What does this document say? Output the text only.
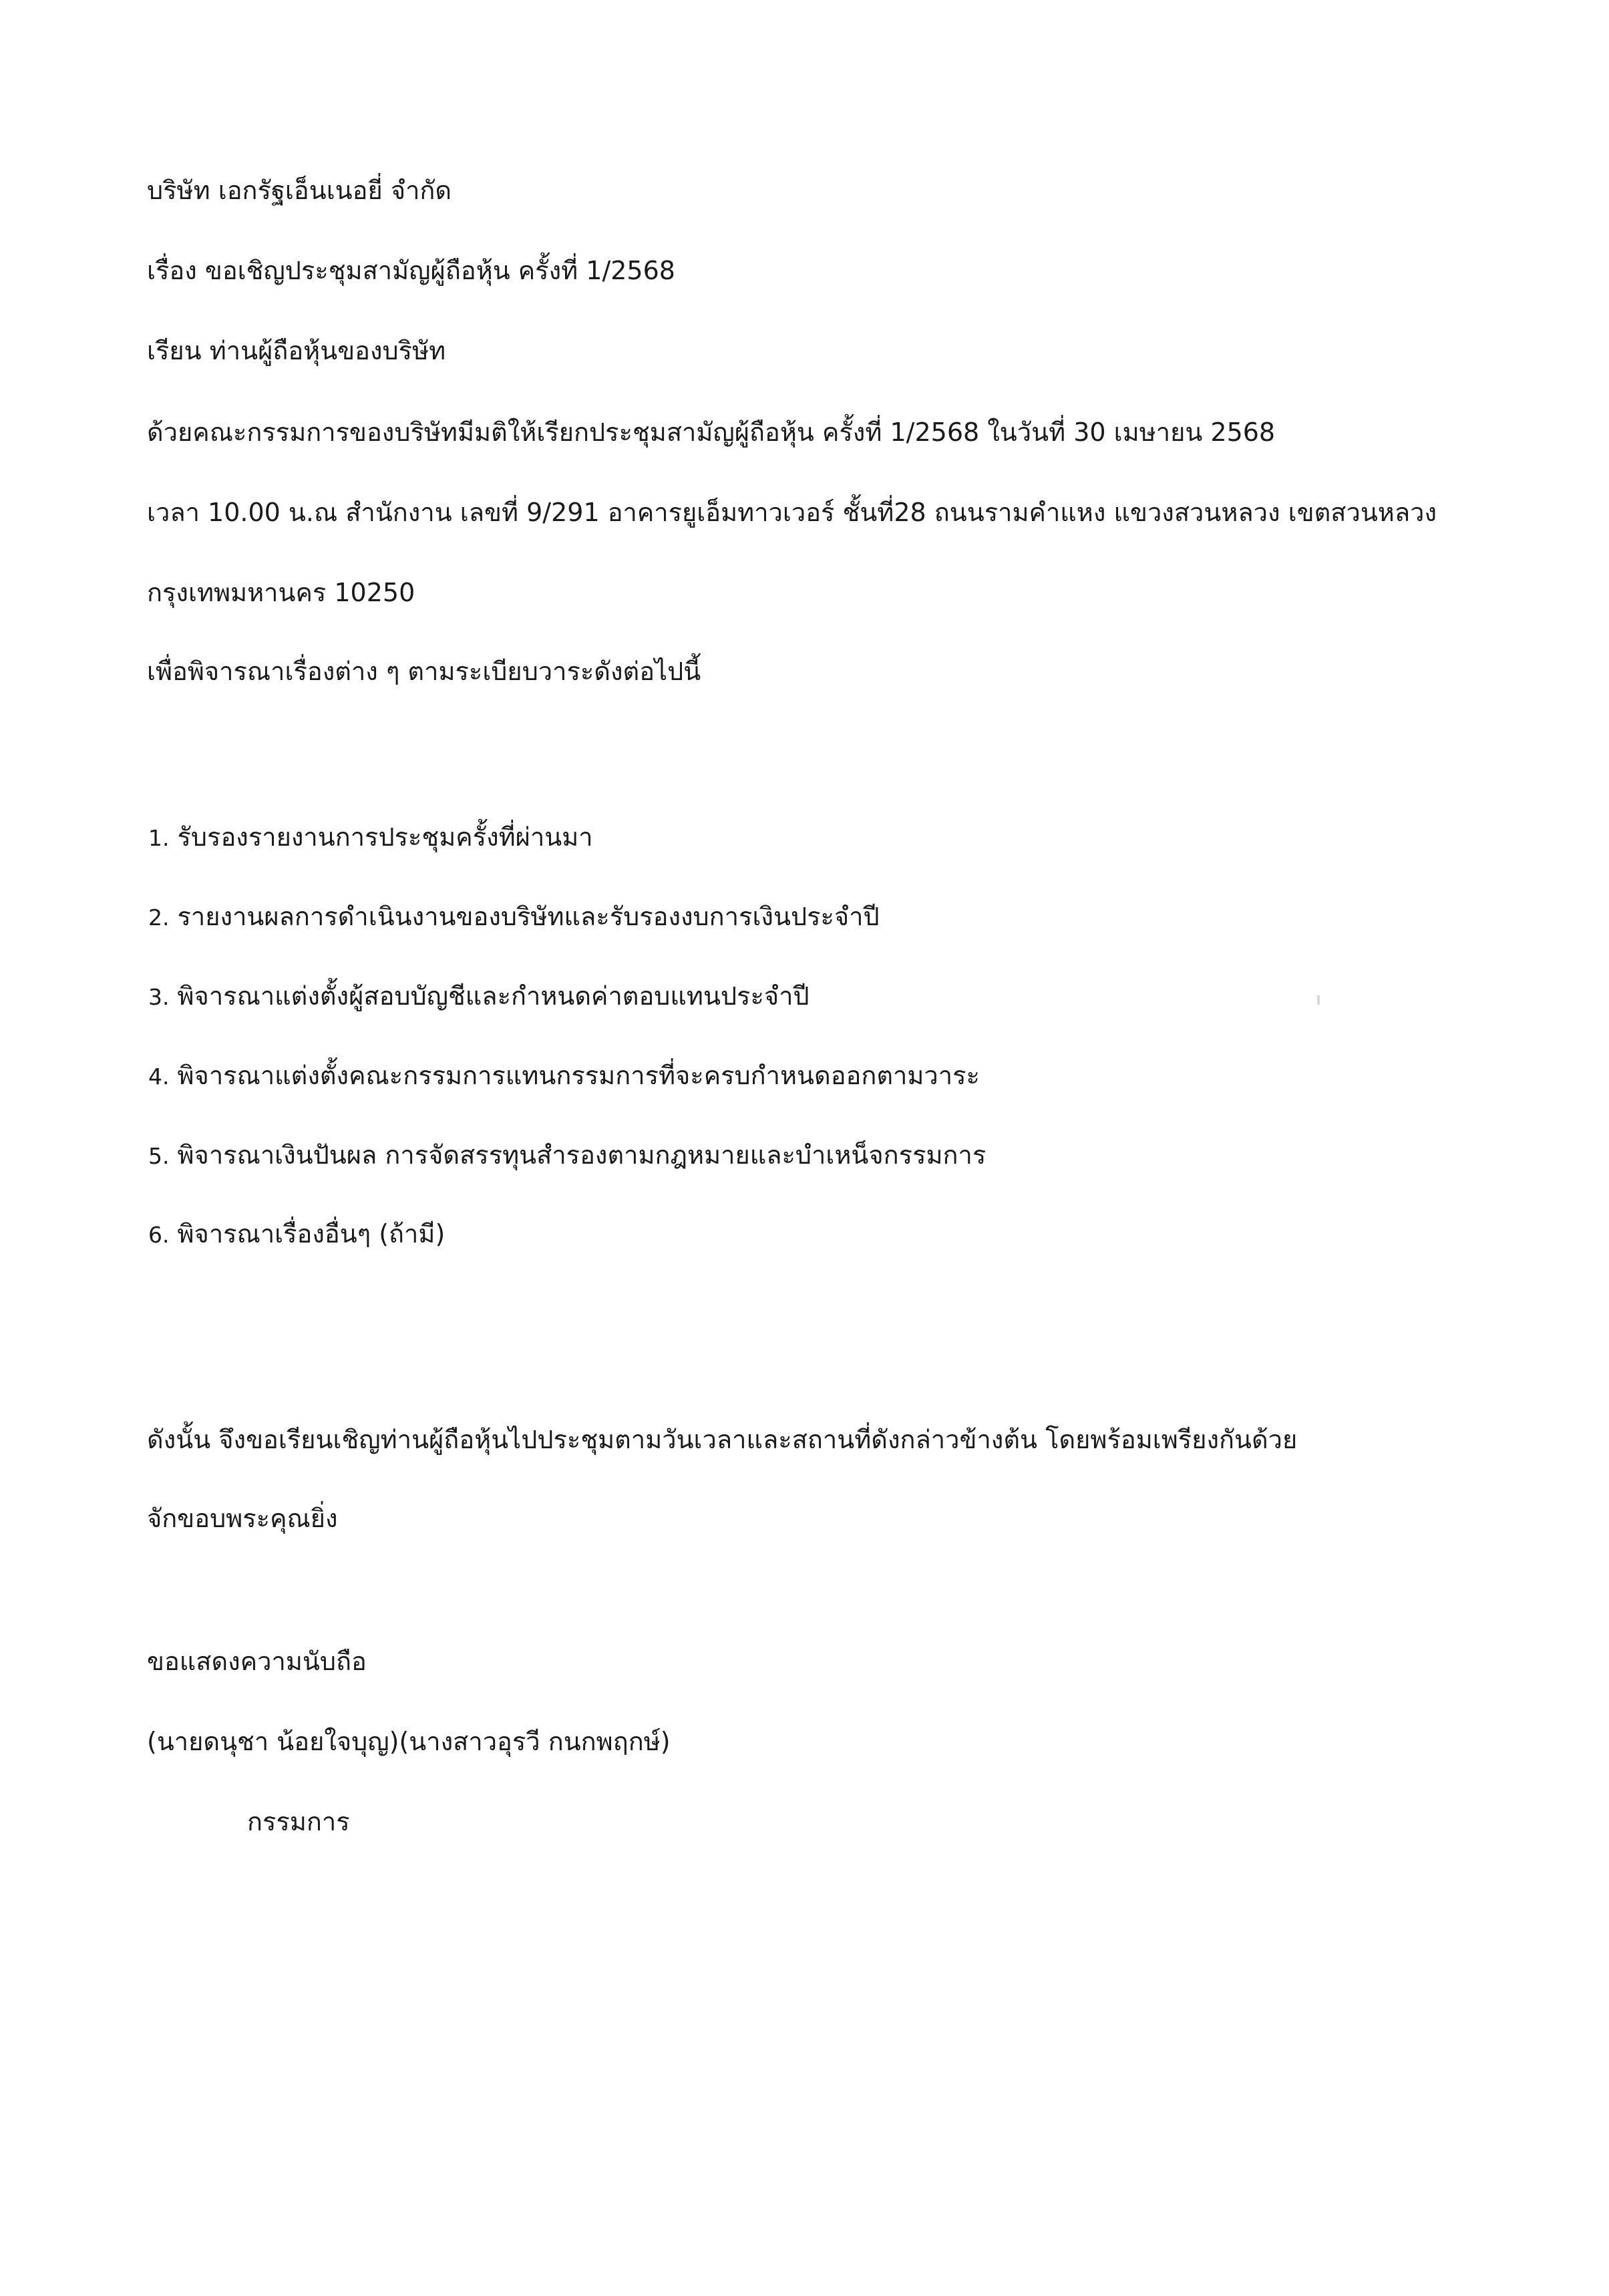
บริษัท เอกรัฐเอ็นเนอยี่ จำกัด
เรื่อง ขอเชิญประชุมสามัญผู้ถือหุ้น ครั้งที่ 1/2568
เรียน ท่านผู้ถือหุ้นของบริษัท
ด้วยคณะกรรมการของบริษัทมีมติให้เรียกประชุมสามัญผู้ถือหุ้น ครั้งที่ 1/2568 ในวันที่ 30 เมษายน 2568
เวลา 10.00 น.ณ สำนักงาน เลขที่ 9/291 อาคารยูเอ็มทาวเวอร์ ชั้นที่28 ถนนรามคำแหง แขวงสวนหลวง เขตสวนหลวง
กรุงเทพมหานคร 10250
เพื่อพิจารณาเรื่องต่าง ๆ ตามระเบียบวาระดังต่อไปนี้
1. รับรองรายงานการประชุมครั้งที่ผ่านมา
2. รายงานผลการดำเนินงานของบริษัทและรับรองงบการเงินประจำปี
3. พิจารณาแต่งตั้งผู้สอบบัญชีและกำหนดค่าตอบแทนประจำปี
4. พิจารณาแต่งตั้งคณะกรรมการแทนกรรมการที่จะครบกำหนดออกตามวาระ
5. พิจารณาเงินปันผล การจัดสรรทุนสำรองตามกฎหมายและบำเหน็จกรรมการ
6. พิจารณาเรื่องอื่นๆ (ถ้ามี)
ดังนั้น จึงขอเรียนเชิญท่านผู้ถือหุ้นไปประชุมตามวันเวลาและสถานที่ดังกล่าวข้างต้น โดยพร้อมเพรียงกันด้วย
จักขอบพระคุณยิ่ง
ขอแสดงความนับถือ
(นายดนุชา น้อยใจบุญ)(นางสาวอุรวี กนกพฤกษ์)
กรรมการ
